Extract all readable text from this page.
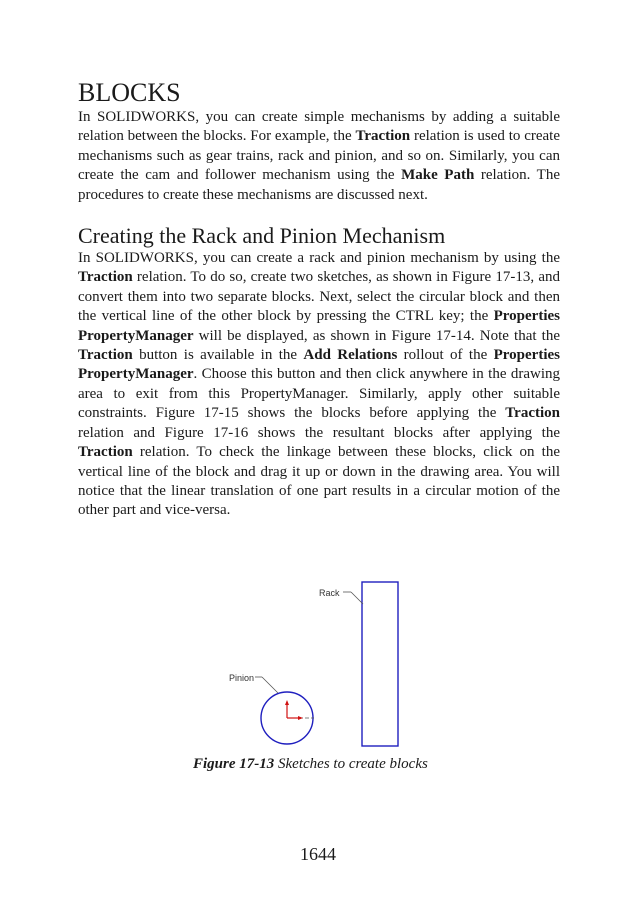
BLOCKS

In SOLIDWORKS, you can create simple mechanisms by adding a suitable relation between the blocks. For example, the Traction relation is used to create mechanisms such as gear trains, rack and pinion, and so on. Similarly, you can create the cam and follower mechanism using the Make Path relation. The procedures to create these mechanisms are discussed next.

Creating the Rack and Pinion Mechanism

In SOLIDWORKS, you can create a rack and pinion mechanism by using the Traction relation. To do so, create two sketches, as shown in Figure 17-13, and convert them into two separate blocks. Next, select the circular block and then the vertical line of the other block by pressing the CTRL key; the Properties PropertyManager will be displayed, as shown in Figure 17-14. Note that the Traction button is available in the Add Relations rollout of the Properties PropertyManager. Choose this button and then click anywhere in the drawing area to exit from this PropertyManager. Similarly, apply other suitable constraints. Figure 17-15 shows the blocks before applying the Traction relation and Figure 17-16 shows the resultant blocks after applying the Traction relation. To check the linkage between these blocks, click on the vertical line of the block and drag it up or down in the drawing area. You will notice that the linear translation of one part results in a circular motion of the other part and vice-versa.

Rack
Pinion
Figure 17-13 Sketches to create blocks
1644
